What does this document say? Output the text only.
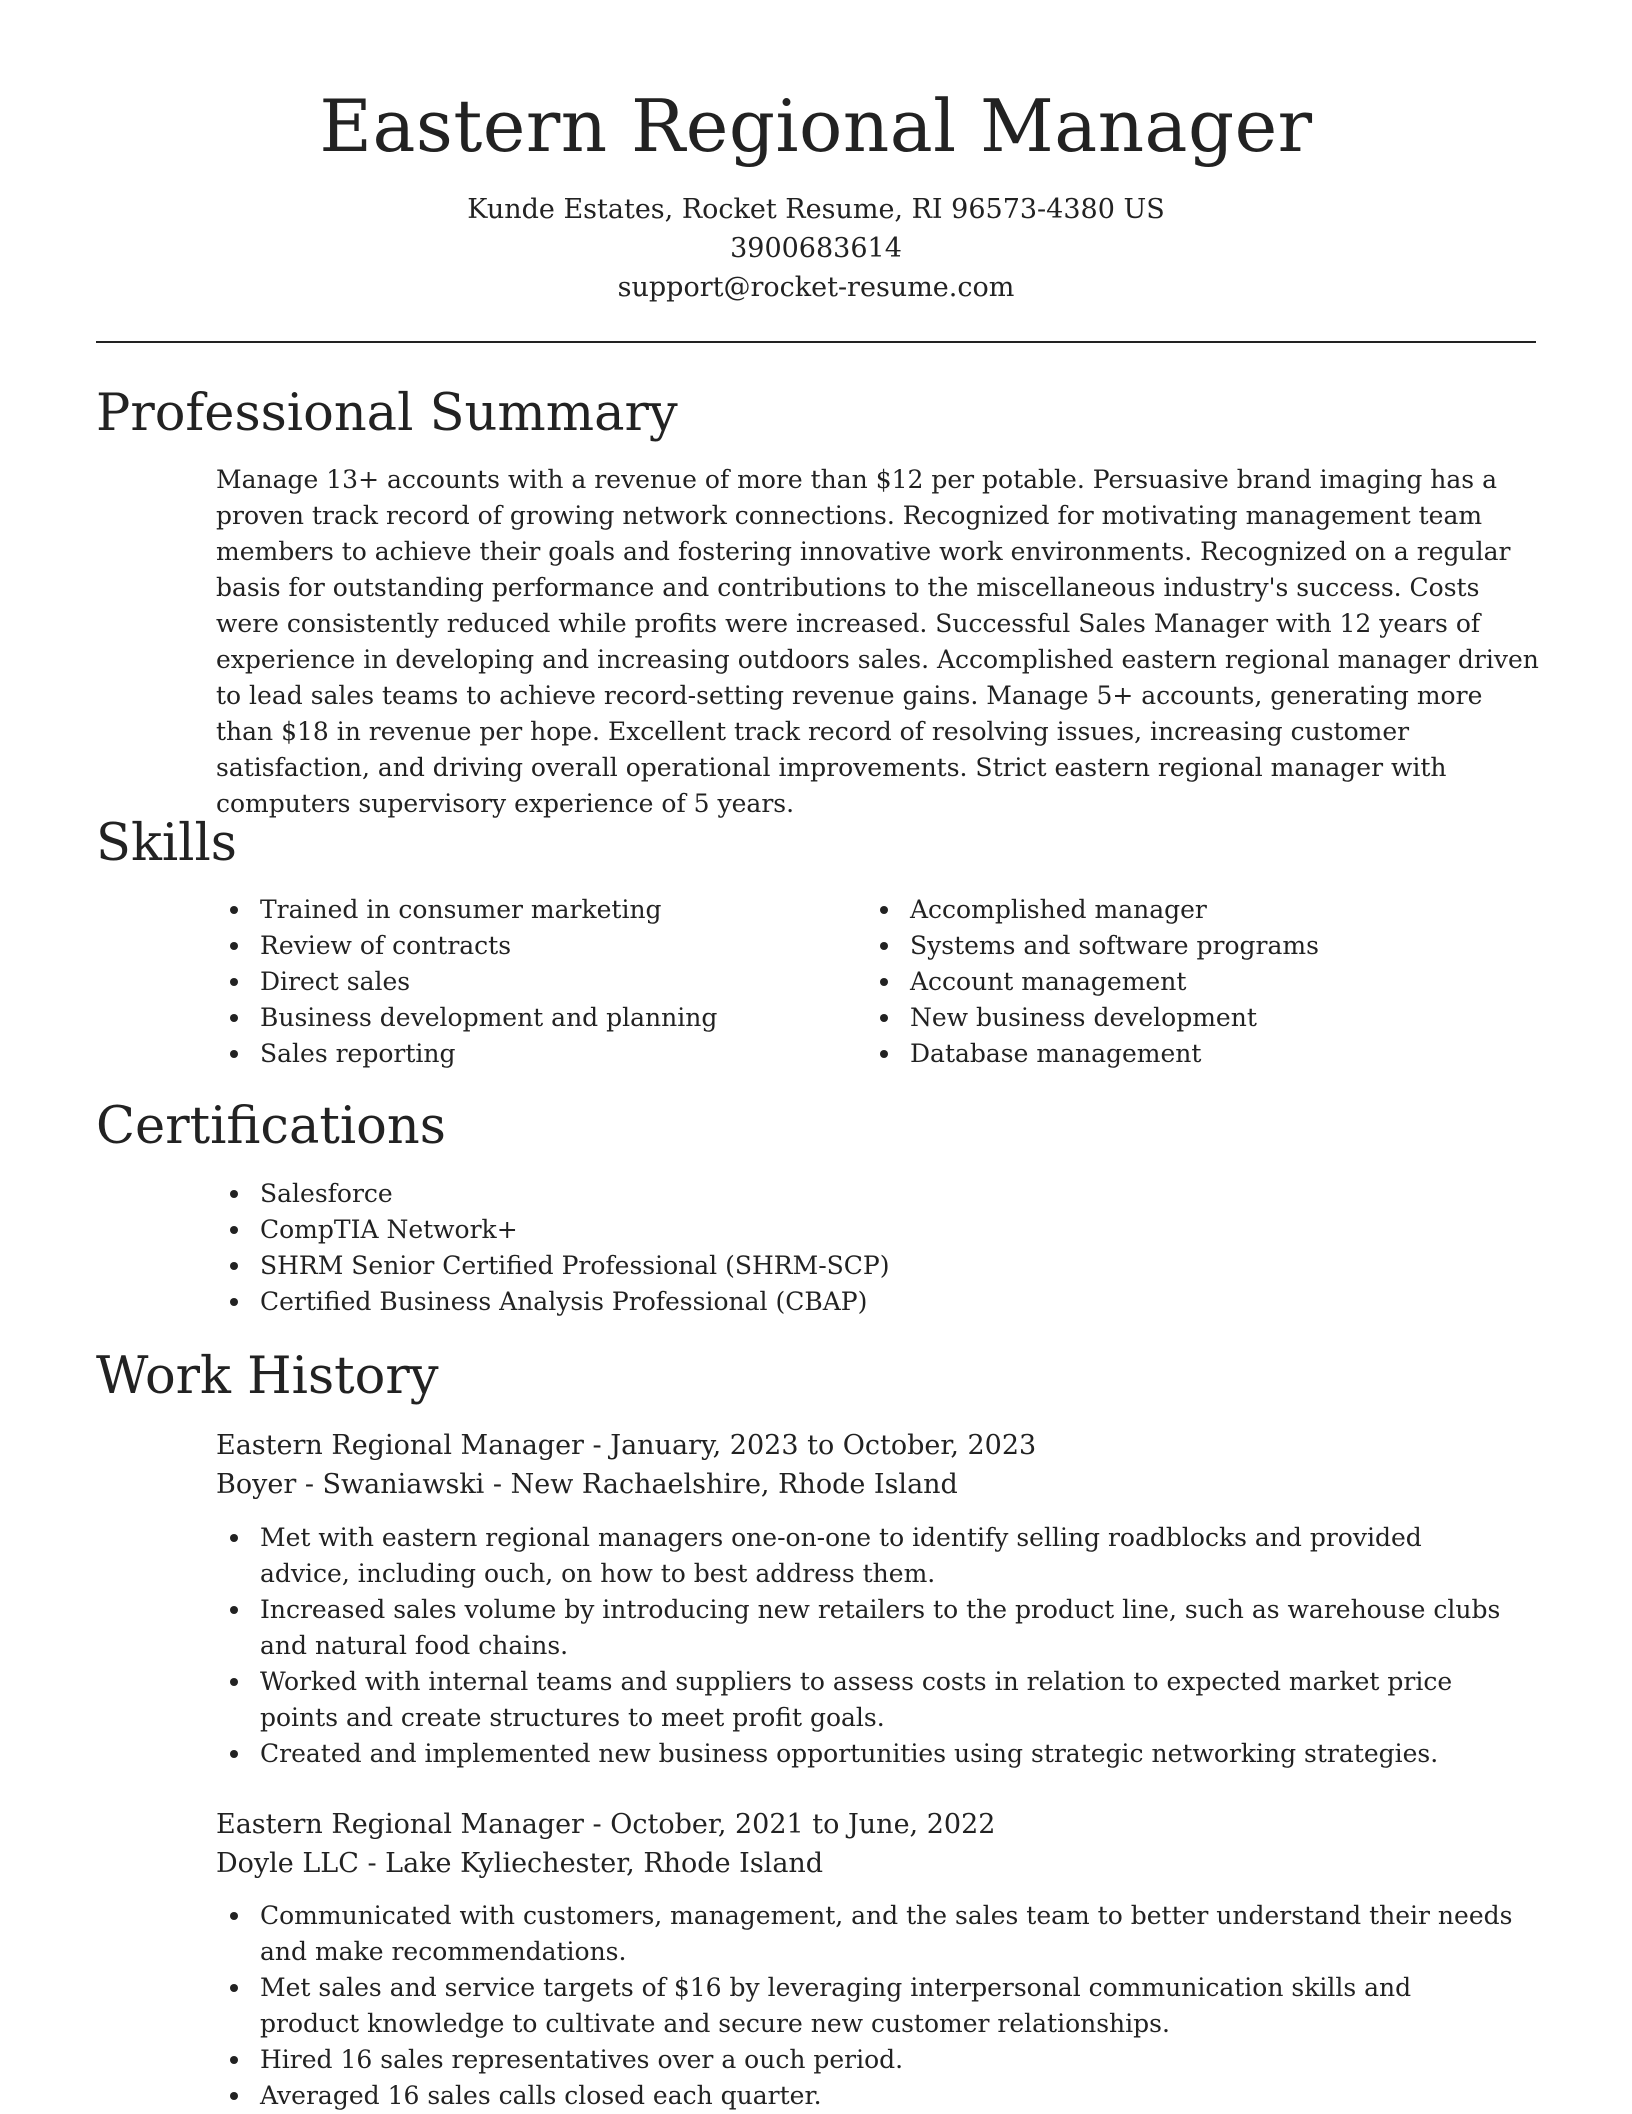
Eastern Regional Manager
Kunde Estates, Rocket Resume, RI 96573-4380 US
3900683614
support@rocket-resume.com
Professional Summary

Manage 13+ accounts with a revenue of more than $12 per potable. Persuasive brand imaging has a proven track record of growing network connections. Recognized for motivating management team members to achieve their goals and fostering innovative work environments. Recognized on a regular basis for outstanding performance and contributions to the miscellaneous industry's success. Costs were consistently reduced while profits were increased. Successful Sales Manager with 12 years of experience in developing and increasing outdoors sales. Accomplished eastern regional manager driven to lead sales teams to achieve record-setting revenue gains. Manage 5+ accounts, generating more than $18 in revenue per hope. Excellent track record of resolving issues, increasing customer satisfaction, and driving overall operational improvements. Strict eastern regional manager with computers supervisory experience of 5 years.

Skills
Trained in consumer marketing
Review of contracts
Direct sales
Business development and planning
Sales reporting
Accomplished manager
Systems and software programs
Account management
New business development
Database management
Certifications
Salesforce
CompTIA Network+
SHRM Senior Certified Professional (SHRM-SCP)
Certified Business Analysis Professional (CBAP)
Work History
Eastern Regional Manager - January, 2023 to October, 2023
Boyer - Swaniawski - New Rachaelshire, Rhode Island
Met with eastern regional managers one-on-one to identify selling roadblocks and provided advice, including ouch, on how to best address them.
Increased sales volume by introducing new retailers to the product line, such as warehouse clubs and natural food chains.
Worked with internal teams and suppliers to assess costs in relation to expected market price points and create structures to meet profit goals.
Created and implemented new business opportunities using strategic networking strategies.
Eastern Regional Manager - October, 2021 to June, 2022
Doyle LLC - Lake Kyliechester, Rhode Island
Communicated with customers, management, and the sales team to better understand their needs and make recommendations.
Met sales and service targets of $16 by leveraging interpersonal communication skills and product knowledge to cultivate and secure new customer relationships.
Hired 16 sales representatives over a ouch period.
Averaged 16 sales calls closed each quarter.
